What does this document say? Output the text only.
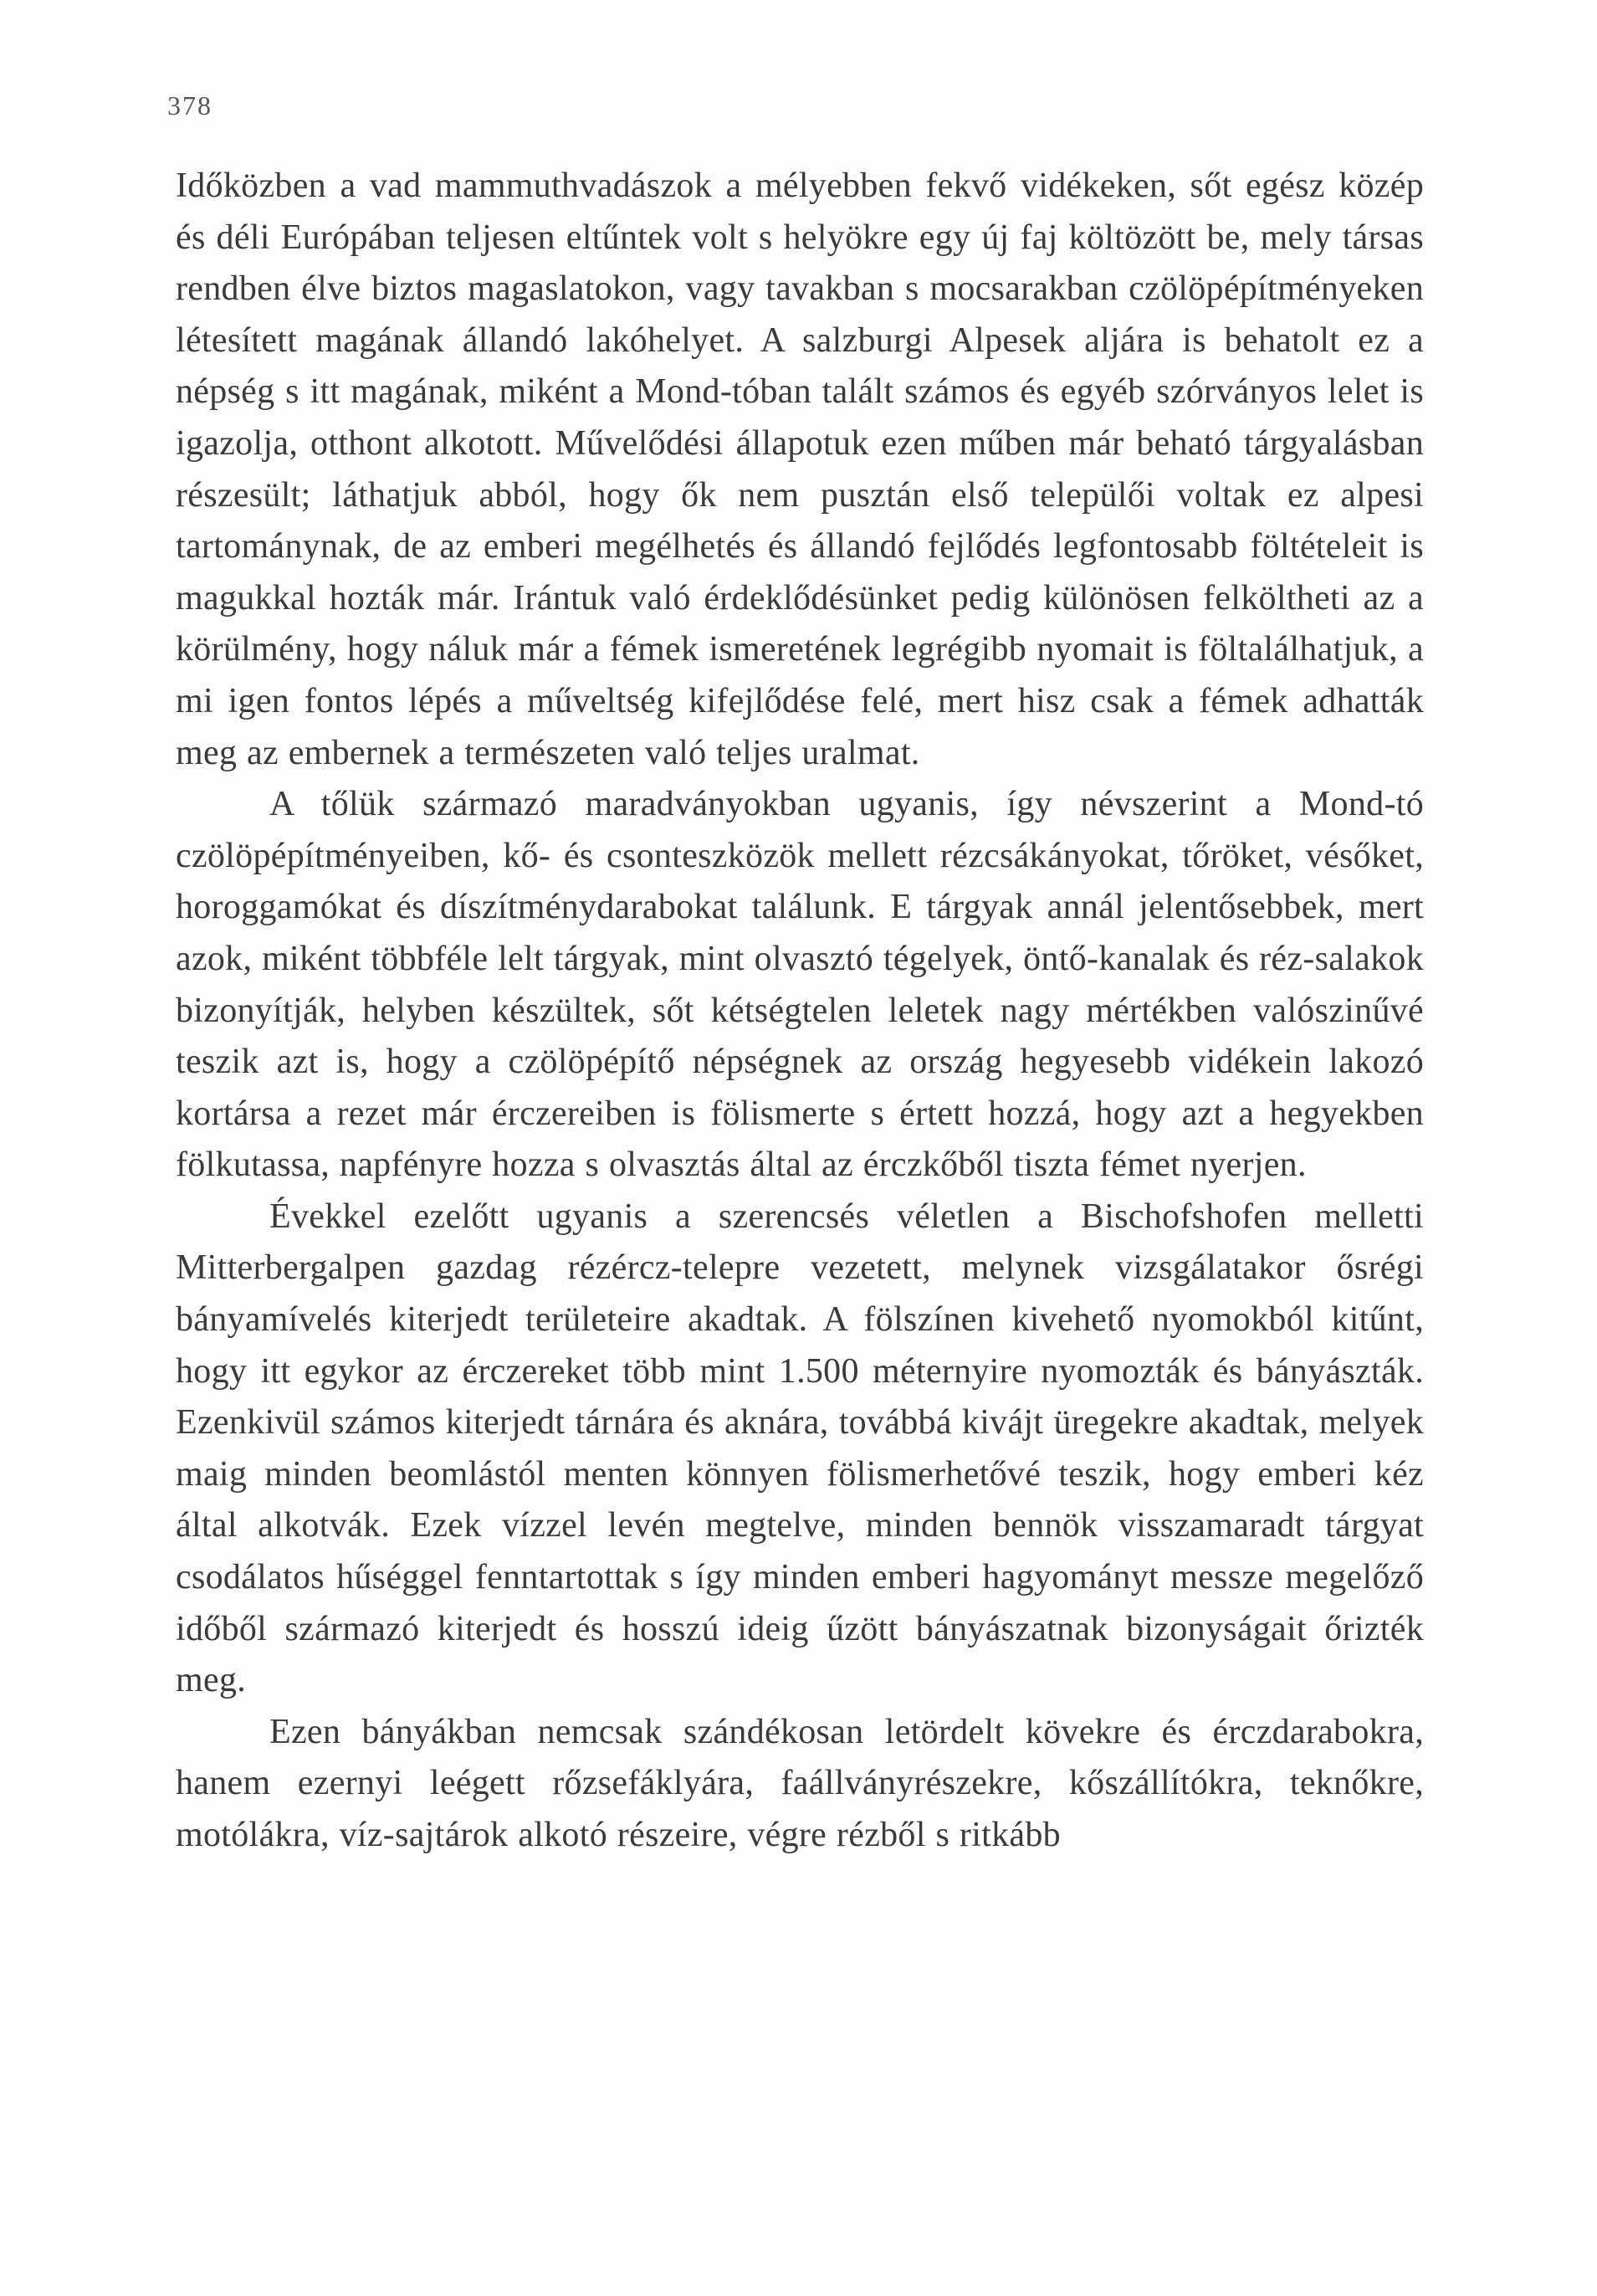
378

Időközben a vad mammuthvadászok a mélyebben fekvő vidékeken, sőt egész közép és déli Európában teljesen eltűntek volt s helyökre egy új faj költözött be, mely társas rendben élve biztos magaslatokon, vagy tavakban s mocsarakban czölöpépítményeken létesített magának állandó lakóhelyet. A salzburgi Alpesek aljára is behatolt ez a népség s itt magának, miként a Mond-tóban talált számos és egyéb szórványos lelet is igazolja, otthont alkotott. Művelődési állapotuk ezen műben már beható tárgyalásban részesült; láthatjuk abból, hogy ők nem pusztán első települői voltak ez alpesi tartománynak, de az emberi megélhetés és állandó fejlődés legfontosabb föltételeit is magukkal hozták már. Irántuk való érdeklődésünket pedig különösen felköltheti az a körülmény, hogy náluk már a fémek ismeretének legrégibb nyomait is föltalálhatjuk, a mi igen fontos lépés a műveltség kifejlődése felé, mert hisz csak a fémek adhatták meg az embernek a természeten való teljes uralmat.

A tőlük származó maradványokban ugyanis, így névszerint a Mond-tó czölöpépítményeiben, kő- és csonteszközök mellett rézcsákányokat, tőröket, vésőket, horoggamókat és díszítménydarabokat találunk. E tárgyak annál jelentősebbek, mert azok, miként többféle lelt tárgyak, mint olvasztó tégelyek, öntő-kanalak és réz-salakok bizonyítják, helyben készültek, sőt kétségtelen leletek nagy mértékben valószinűvé teszik azt is, hogy a czölöpépítő népségnek az ország hegyesebb vidékein lakozó kortársa a rezet már érczereiben is fölismerte s értett hozzá, hogy azt a hegyekben fölkutassa, napfényre hozza s olvasztás által az érczkőből tiszta fémet nyerjen.

Évekkel ezelőtt ugyanis a szerencsés véletlen a Bischofshofen melletti Mitterbergalpen gazdag rézércz-telepre vezetett, melynek vizsgálatakor ősrégi bányamívelés kiterjedt területeire akadtak. A fölszínen kivehető nyomokból kitűnt, hogy itt egykor az érczereket több mint 1.500 méternyire nyomozták és bányászták. Ezenkivül számos kiterjedt tárnára és aknára, továbbá kivájt üregekre akadtak, melyek maig minden beomlástól menten könnyen fölismerhetővé teszik, hogy emberi kéz által alkotvák. Ezek vízzel levén megtelve, minden bennök visszamaradt tárgyat csodálatos hűséggel fenntartottak s így minden emberi hagyományt messze megelőző időből származó kiterjedt és hosszú ideig űzött bányászatnak bizonyságait őrizték meg.

Ezen bányákban nemcsak szándékosan letördelt kövekre és érczdarabokra, hanem ezernyi leégett rőzsefáklyára, faállványrészekre, kőszállítókra, teknőkre, motólákra, víz-sajtárok alkotó részeire, végre rézből s ritkább
